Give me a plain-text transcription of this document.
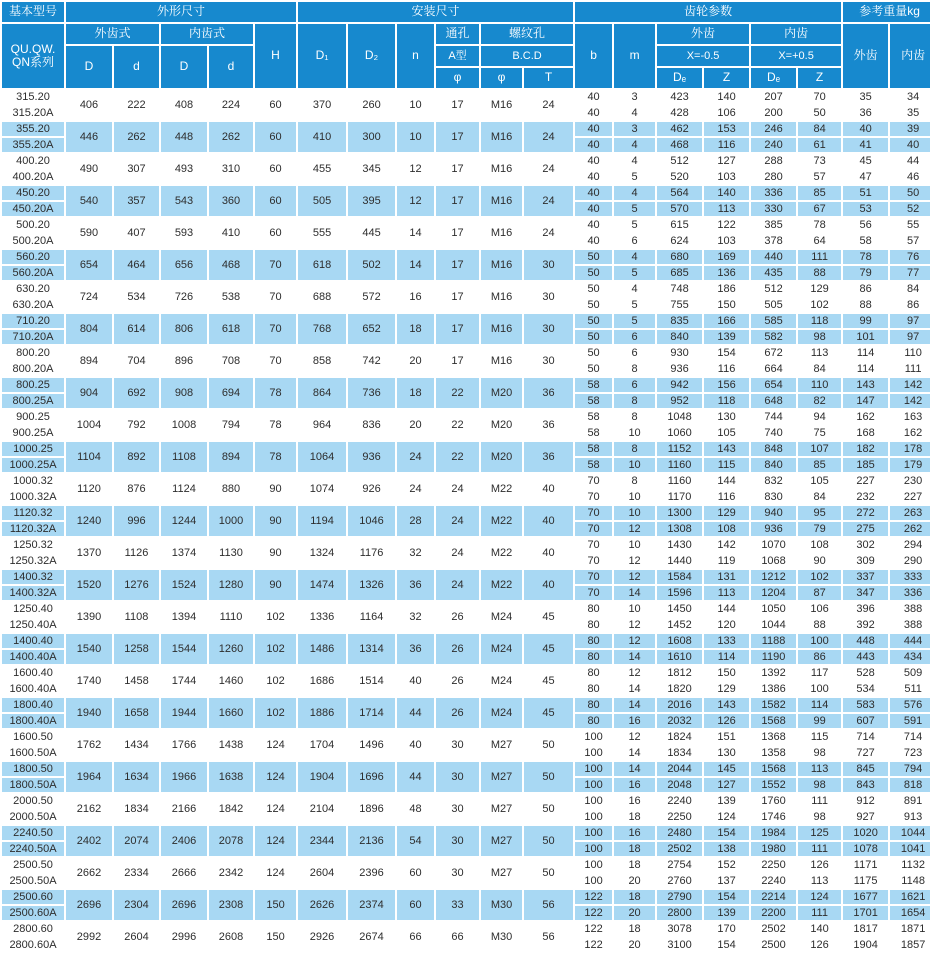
基本型号	外形尺寸					安装尺寸						齿轮参数						参考重量kg	

QU.QW.
QN系列	外齿式		内齿式		H	D₁	D₂	n	通孔	螺纹孔		b	m	外齿		内齿		外齿	内齿
	D	d	D	d					A型	B.C.D				X=-0.5		X=+0.5			
									φ	φ	T			Dₑ	Z	Dₑ	Z		
315.20	406	222	408	224	60	370	260	10	17	M16	24	40	3	423	140	207	70	35	34
315.20A												40	4	428	106	200	50	36	35
355.20	446	262	448	262	60	410	300	10	17	M16	24	40	3	462	153	246	84	40	39
355.20A												40	4	468	116	240	61	41	40
400.20	490	307	493	310	60	455	345	12	17	M16	24	40	4	512	127	288	73	45	44
400.20A												40	5	520	103	280	57	47	46
450.20	540	357	543	360	60	505	395	12	17	M16	24	40	4	564	140	336	85	51	50
450.20A												40	5	570	113	330	67	53	52
500.20	590	407	593	410	60	555	445	14	17	M16	24	40	5	615	122	385	78	56	55
500.20A												40	6	624	103	378	64	58	57
560.20	654	464	656	468	70	618	502	14	17	M16	30	50	4	680	169	440	111	78	76
560.20A												50	5	685	136	435	88	79	77
630.20	724	534	726	538	70	688	572	16	17	M16	30	50	4	748	186	512	129	86	84
630.20A												50	5	755	150	505	102	88	86
710.20	804	614	806	618	70	768	652	18	17	M16	30	50	5	835	166	585	118	99	97
710.20A												50	6	840	139	582	98	101	97
800.20	894	704	896	708	70	858	742	20	17	M16	30	50	6	930	154	672	113	114	110
800.20A												50	8	936	116	664	84	114	111
800.25	904	692	908	694	78	864	736	18	22	M20	36	58	6	942	156	654	110	143	142
800.25A												58	8	952	118	648	82	147	142
900.25	1004	792	1008	794	78	964	836	20	22	M20	36	58	8	1048	130	744	94	162	163
900.25A												58	10	1060	105	740	75	168	162
1000.25	1104	892	1108	894	78	1064	936	24	22	M20	36	58	8	1152	143	848	107	182	178
1000.25A												58	10	1160	115	840	85	185	179
1000.32	1120	876	1124	880	90	1074	926	24	24	M22	40	70	8	1160	144	832	105	227	230
1000.32A												70	10	1170	116	830	84	232	227
1120.32	1240	996	1244	1000	90	1194	1046	28	24	M22	40	70	10	1300	129	940	95	272	263
1120.32A												70	12	1308	108	936	79	275	262
1250.32	1370	1126	1374	1130	90	1324	1176	32	24	M22	40	70	10	1430	142	1070	108	302	294
1250.32A												70	12	1440	119	1068	90	309	290
1400.32	1520	1276	1524	1280	90	1474	1326	36	24	M22	40	70	12	1584	131	1212	102	337	333
1400.32A												70	14	1596	113	1204	87	347	336
1250.40	1390	1108	1394	1110	102	1336	1164	32	26	M24	45	80	10	1450	144	1050	106	396	388
1250.40A												80	12	1452	120	1044	88	392	388
1400.40	1540	1258	1544	1260	102	1486	1314	36	26	M24	45	80	12	1608	133	1188	100	448	444
1400.40A												80	14	1610	114	1190	86	443	434
1600.40	1740	1458	1744	1460	102	1686	1514	40	26	M24	45	80	12	1812	150	1392	117	528	509
1600.40A												80	14	1820	129	1386	100	534	511
1800.40	1940	1658	1944	1660	102	1886	1714	44	26	M24	45	80	14	2016	143	1582	114	583	576
1800.40A												80	16	2032	126	1568	99	607	591
1600.50	1762	1434	1766	1438	124	1704	1496	40	30	M27	50	100	12	1824	151	1368	115	714	714
1600.50A												100	14	1834	130	1358	98	727	723
1800.50	1964	1634	1966	1638	124	1904	1696	44	30	M27	50	100	14	2044	145	1568	113	845	794
1800.50A												100	16	2048	127	1552	98	843	818
2000.50	2162	1834	2166	1842	124	2104	1896	48	30	M27	50	100	16	2240	139	1760	111	912	891
2000.50A												100	18	2250	124	1746	98	927	913
2240.50	2402	2074	2406	2078	124	2344	2136	54	30	M27	50	100	16	2480	154	1984	125	1020	1044
2240.50A												100	18	2502	138	1980	111	1078	1041
2500.50	2662	2334	2666	2342	124	2604	2396	60	30	M27	50	100	18	2754	152	2250	126	1171	1132
2500.50A												100	20	2760	137	2240	113	1175	1148
2500.60	2696	2304	2696	2308	150	2626	2374	60	33	M30	56	122	18	2790	154	2214	124	1677	1621
2500.60A												122	20	2800	139	2200	111	1701	1654
2800.60	2992	2604	2996	2608	150	2926	2674	66	66	M30	56	122	18	3078	170	2502	140	1817	1871
2800.60A												122	20	3100	154	2500	126	1904	1857
